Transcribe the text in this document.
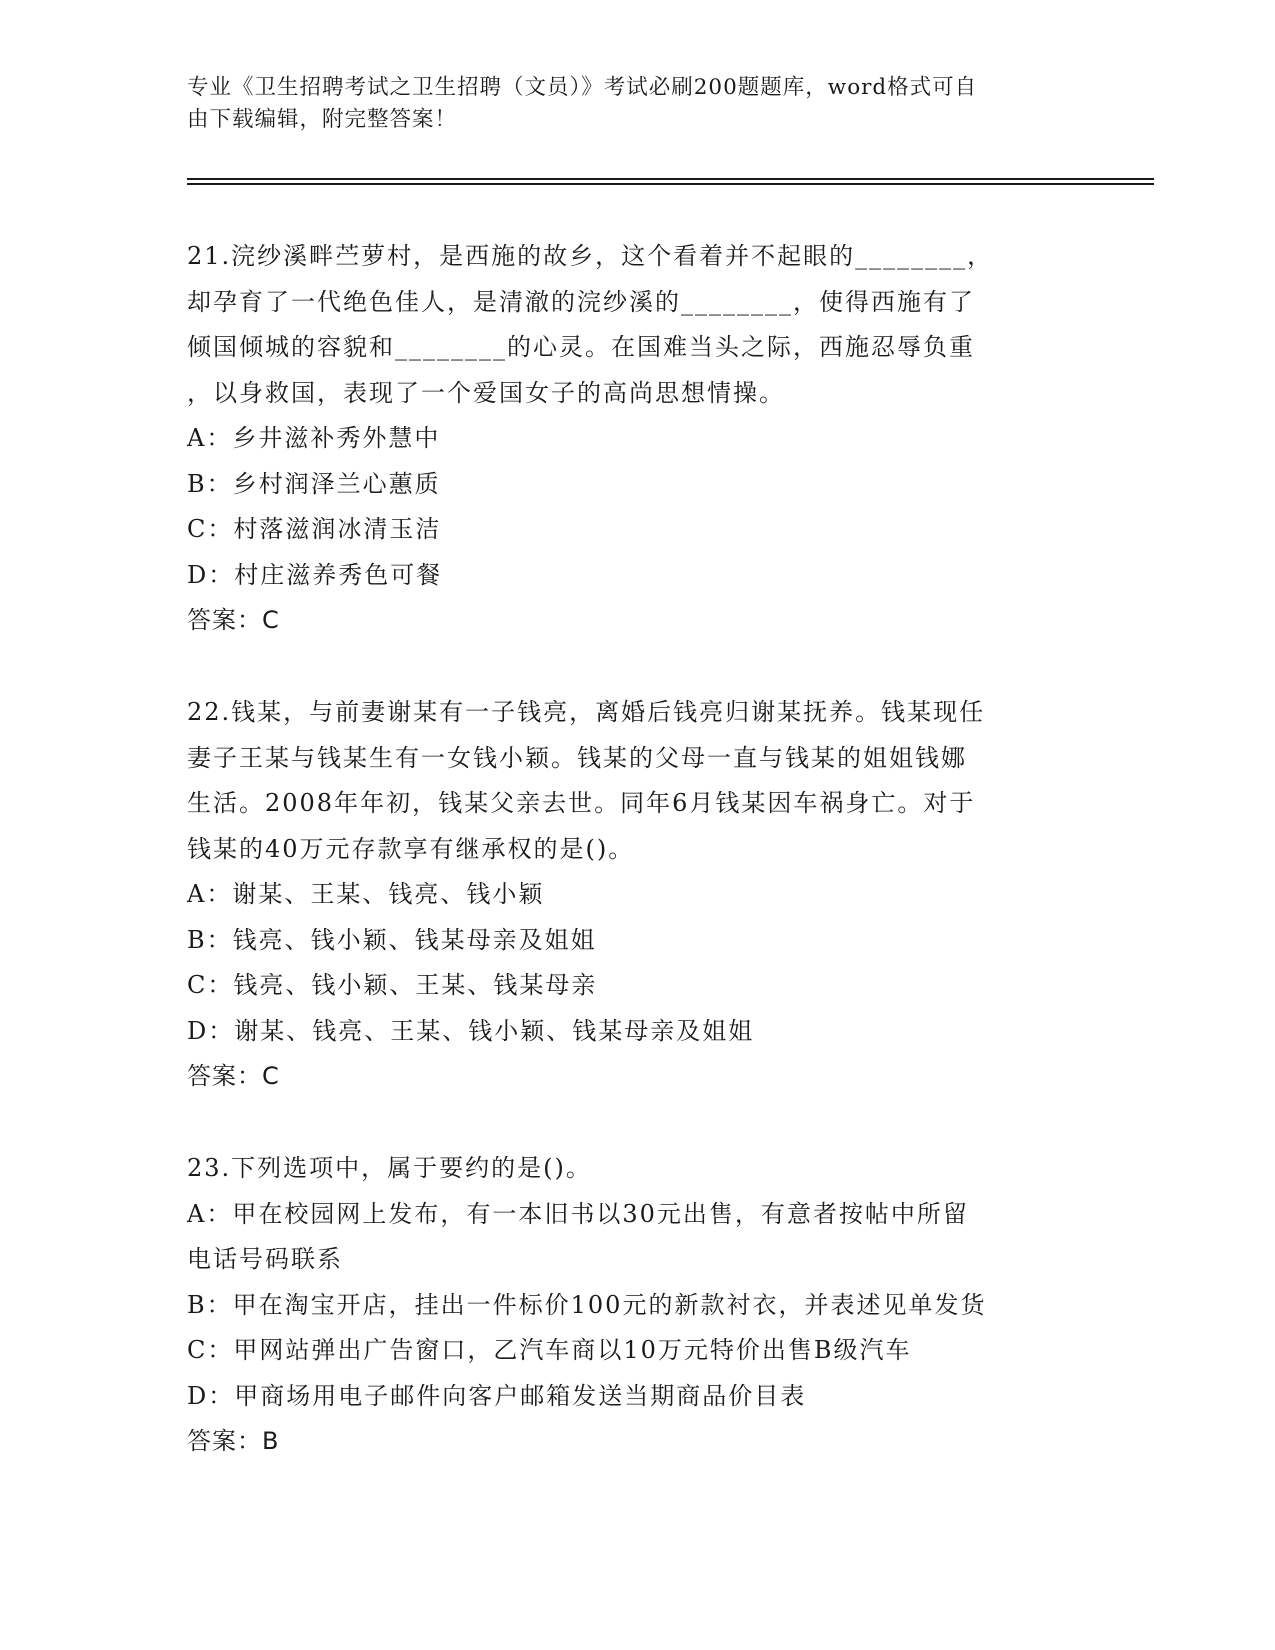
专业《卫生招聘考试之卫生招聘（文员）》考试必刷200题题库，word格式可自
由下载编辑，附完整答案！
21.浣纱溪畔苎萝村，是西施的故乡，这个看着并不起眼的________，
却孕育了一代绝色佳人，是清澈的浣纱溪的________，使得西施有了
倾国倾城的容貌和________的心灵。在国难当头之际，西施忍辱负重
，以身救国，表现了一个爱国女子的高尚思想情操。
A：乡井滋补秀外慧中
B：乡村润泽兰心蕙质
C：村落滋润冰清玉洁
D：村庄滋养秀色可餐
答案：C
22.钱某，与前妻谢某有一子钱亮，离婚后钱亮归谢某抚养。钱某现任
妻子王某与钱某生有一女钱小颖。钱某的父母一直与钱某的姐姐钱娜
生活。2008年年初，钱某父亲去世。同年6月钱某因车祸身亡。对于
钱某的40万元存款享有继承权的是()。
A：谢某、王某、钱亮、钱小颖
B：钱亮、钱小颖、钱某母亲及姐姐
C：钱亮、钱小颖、王某、钱某母亲
D：谢某、钱亮、王某、钱小颖、钱某母亲及姐姐
答案：C
23.下列选项中，属于要约的是()。
A：甲在校园网上发布，有一本旧书以30元出售，有意者按帖中所留
电话号码联系
B：甲在淘宝开店，挂出一件标价100元的新款衬衣，并表述见单发货
C：甲网站弹出广告窗口，乙汽车商以10万元特价出售B级汽车
D：甲商场用电子邮件向客户邮箱发送当期商品价目表
答案：B
